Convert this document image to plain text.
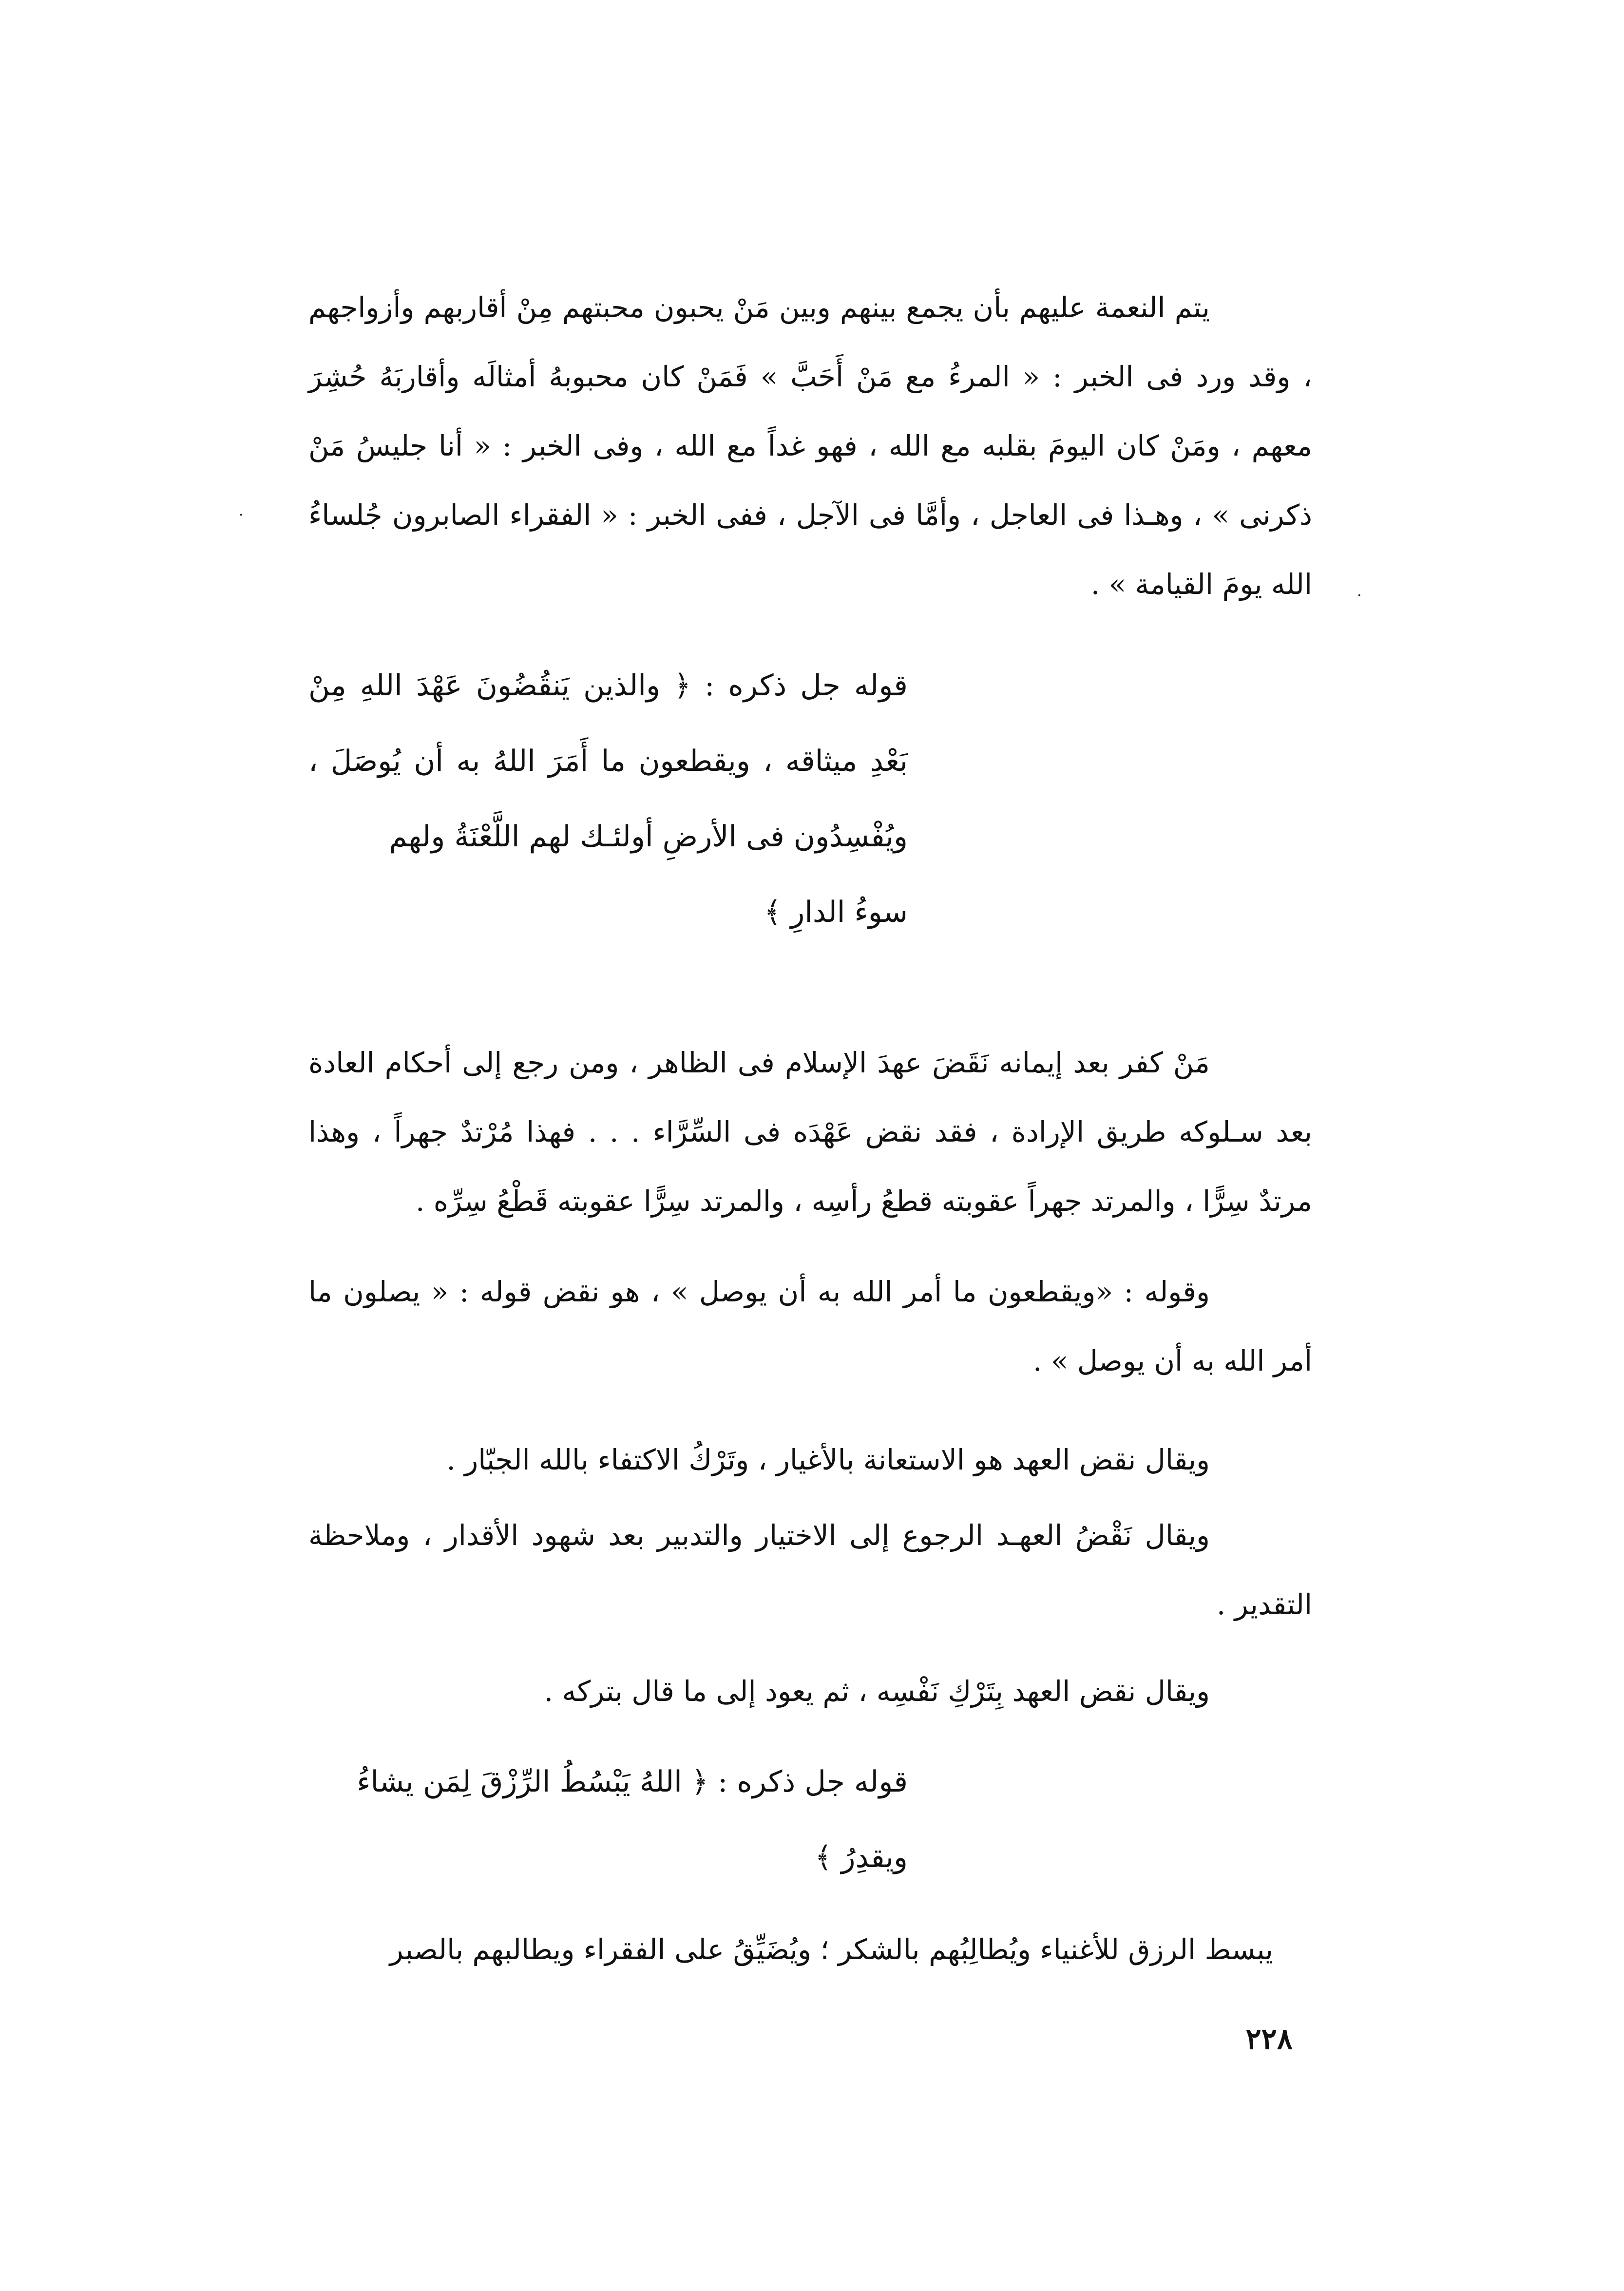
يتم النعمة عليهم بأن يجمع بينهم وبين مَنْ يحبون محبتهم مِنْ أقاربهم وأزواجهم ، وقد ورد فى الخبر : « المرءُ مع مَنْ أَحَبَّ » فَمَنْ كان محبوبهُ أمثالَه وأقاربَهُ حُشِرَ معهم ، ومَنْ كان اليومَ بقلبه مع الله ، فهو غداً مع الله ، وفى الخبر : « أنا جليسُ مَنْ ذكرنى » ، وهـذا فى العاجل ، وأمَّا فى الآجل ، ففى الخبر : « الفقراء الصابرون جُلساءُ الله يومَ القيامة » .

قوله جل ذكره : ﴿ والذين يَنقُضُونَ عَهْدَ اللهِ مِنْ بَعْدِ ميثاقه ، ويقطعون ما أَمَرَ اللهُ به أن يُوصَلَ ، ويُفْسِدُون فى الأرضِ أولئـك لهم اللَّعْنَةُ ولهم
سوءُ الدارِ ﴾

مَنْ كفر بعد إيمانه نَقَضَ عهدَ الإسلام فى الظاهر ، ومن رجع إلى أحكام العادة بعد سـلوكه طريق الإرادة ، فقد نقض عَهْدَه فى السِّرَّاء . . . فهذا مُرْتدٌ جهراً ، وهذا مرتدٌ سِرًّا ، والمرتد جهراً عقوبته قطعُ رأسِه ، والمرتد سِرًّا عقوبته قَطْعُ سِرِّه .

وقوله : «ويقطعون ما أمر الله به أن يوصل » ، هو نقض قوله : « يصلون ما أمر الله به أن يوصل » .

ويقال نقض العهد هو الاستعانة بالأغيار ، وتَرْكُ الاكتفاء بالله الجبّار .

ويقال نَقْضُ العهـد الرجوع إلى الاختيار والتدبير بعد شهود الأقدار ، وملاحظة التقدير .

ويقال نقض العهد بِتَرْكِ نَفْسِه ، ثم يعود إلى ما قال بتركه .

قوله جل ذكره : ﴿ اللهُ يَبْسُطُ الرِّزْقَ لِمَن يشاءُ
ويقدِرُ ﴾

يبسط الرزق للأغنياء ويُطالِبُهم بالشكر ؛ ويُضَيِّقُ على الفقراء ويطالبهم بالصبر

٢٢٨
·
·
